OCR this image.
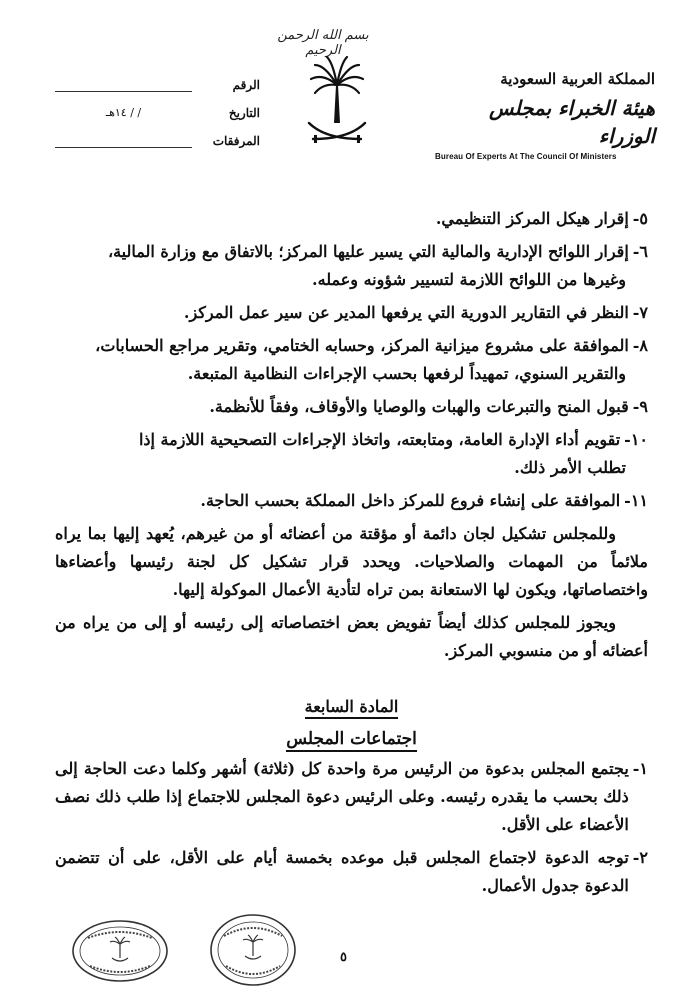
بسم الله الرحمن الرحيم
الرقم
التاريخ
/ / ١٤هـ
المرفقات
المملكة العربية السعودية
هيئة الخبراء بمجلس الوزراء
Bureau Of Experts At The Council Of Ministers
٥-
إقرار هيكل المركز التنظيمي.
٦-
إقرار اللوائح الإدارية والمالية التي يسير عليها المركز؛ بالاتفاق مع وزارة المالية،
وغيرها من اللوائح اللازمة لتسيير شؤونه وعمله.
٧-
النظر في التقارير الدورية التي يرفعها المدير عن سير عمل المركز.
٨-
الموافقة على مشروع ميزانية المركز، وحسابه الختامي، وتقرير مراجع الحسابات،
والتقرير السنوي، تمهيداً لرفعها بحسب الإجراءات النظامية المتبعة.
٩-
قبول المنح والتبرعات والهبات والوصايا والأوقاف، وفقاً للأنظمة.
١٠-
تقويم أداء الإدارة العامة، ومتابعته، واتخاذ الإجراءات التصحيحية اللازمة إذا
تطلب الأمر ذلك.
١١-
الموافقة على إنشاء فروع للمركز داخل المملكة بحسب الحاجة.
وللمجلس تشكيل لجان دائمة أو مؤقتة من أعضائه أو من غيرهم، يُعهد إليها بما يراه ملائماً من المهمات والصلاحيات. ويحدد قرار تشكيل كل لجنة رئيسها وأعضاءها واختصاصاتها، ويكون لها الاستعانة بمن تراه لتأدية الأعمال الموكولة إليها.
ويجوز للمجلس كذلك أيضاً تفويض بعض اختصاصاته إلى رئيسه أو إلى من يراه من أعضائه أو من منسوبي المركز.
المادة السابعة
اجتماعات المجلس
١-
يجتمع المجلس بدعوة من الرئيس مرة واحدة كل (ثلاثة) أشهر وكلما دعت الحاجة إلى ذلك بحسب ما يقدره رئيسه. وعلى الرئيس دعوة المجلس للاجتماع إذا طلب ذلك نصف الأعضاء على الأقل.
٢-
توجه الدعوة لاجتماع المجلس قبل موعده بخمسة أيام على الأقل، على أن تتضمن الدعوة جدول الأعمال.
٥
